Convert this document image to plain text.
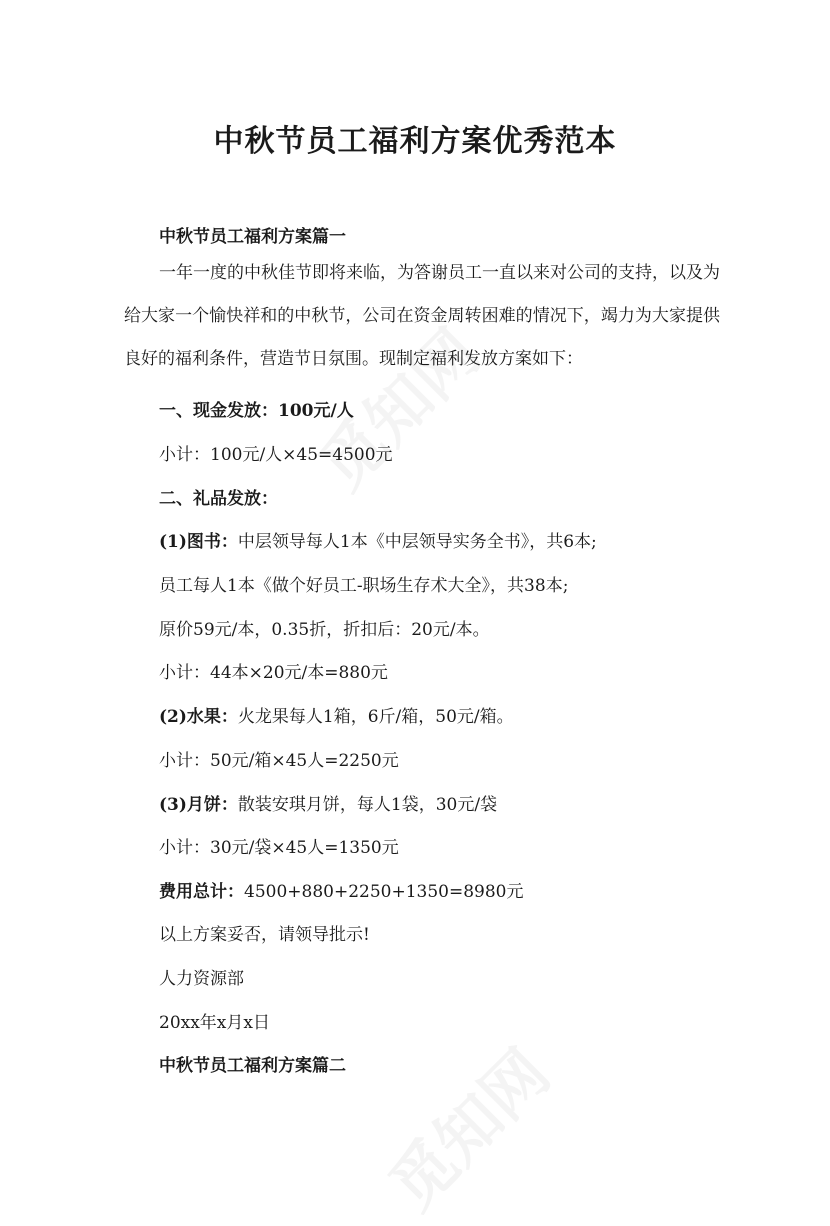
中秋节员工福利方案优秀范本

中秋节员工福利方案篇一

一年一度的中秋佳节即将来临，为答谢员工一直以来对公司的支持，以及为给大家一个愉快祥和的中秋节，公司在资金周转困难的情况下，竭力为大家提供良好的福利条件，营造节日氛围。现制定福利发放方案如下：

一、现金发放：100元/人

小计：100元/人×45=4500元

二、礼品发放：

(1)图书：中层领导每人1本《中层领导实务全书》，共6本;

员工每人1本《做个好员工-职场生存术大全》，共38本;

原价59元/本，0.35折，折扣后：20元/本。

小计：44本×20元/本=880元

(2)水果：火龙果每人1箱，6斤/箱，50元/箱。

小计：50元/箱×45人=2250元

(3)月饼：散装安琪月饼，每人1袋，30元/袋

小计：30元/袋×45人=1350元

费用总计：4500+880+2250+1350=8980元

以上方案妥否，请领导批示!

人力资源部

20xx年x月x日

中秋节员工福利方案篇二
